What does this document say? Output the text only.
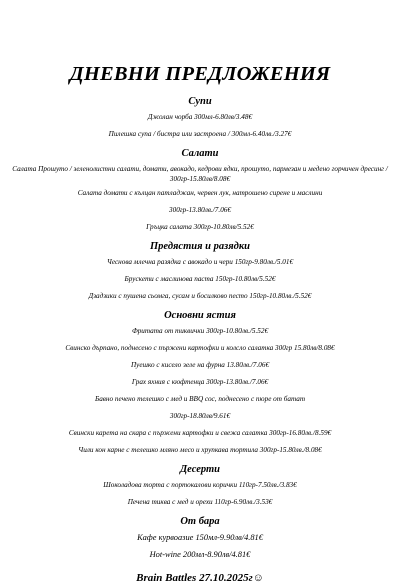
ДНЕВНИ ПРЕДЛОЖЕНИЯ
Супи
Джолан чорба 300мл-6.80лв/3.48€
Пилешка супа / бистра или застроена / 300мл-6.40лв./3.27€
Салати
Салата Прошуто / зеленолистни салати, домати, авокадо, кедрови ядки, прошуто, пармезан и медено горчичен дресинг / 300гр-15.80лв/8.08€
Салата домати с кълцан патладжан, червен лук, натрошено сирене и маслини
300гр-13.80лв./7.06€
Гръцка салата 300гр-10.80лв/5.52€
Предястия и разядки
Чеснова млечна разядка с авокадо и чери 150гр-9.80лв./5.01€
Брускети с маслинова паста 150гр-10.80лв/5.52€
Дзадзики с пушена сьомга, сусам и босилково песто 150гр-10.80лв./5.52€
Основни ястия
Фритата от тиквички 300гр-10.80лв./5.52€
Свинско дърпано, поднесено с пържени картофки и колсло салатка 300гр 15.80лв/8.08€
Пуешко с кисело зеле на фурна 13.80лв./7.06€
Грах яхния с кюфтенца 300гр-13.80лв./7.06€
Бавно печено телешко с мед и BBQ сос, поднесено с пюре от батат
300гр-18.80лв/9.61€
Свински карета на скара с пържени картофки и свежа салатка 300гр-16.80лв./8.59€
Чили кон карне с телешко мляно месо и хрупкава тортила 300гр-15.80лв./8.08€
Десерти
Шоколадова торта с портокалови корички 110гр-7.50лв./3.83€
Печена тиква с мед и орехи 110гр-6.90лв./3.53€
От бара
Кафе курвоазие 150мл-9.90лв/4.81€
Hot-wine 200мл-8.90лв/4.81€
Brain Battles 27.10.2025г☺
